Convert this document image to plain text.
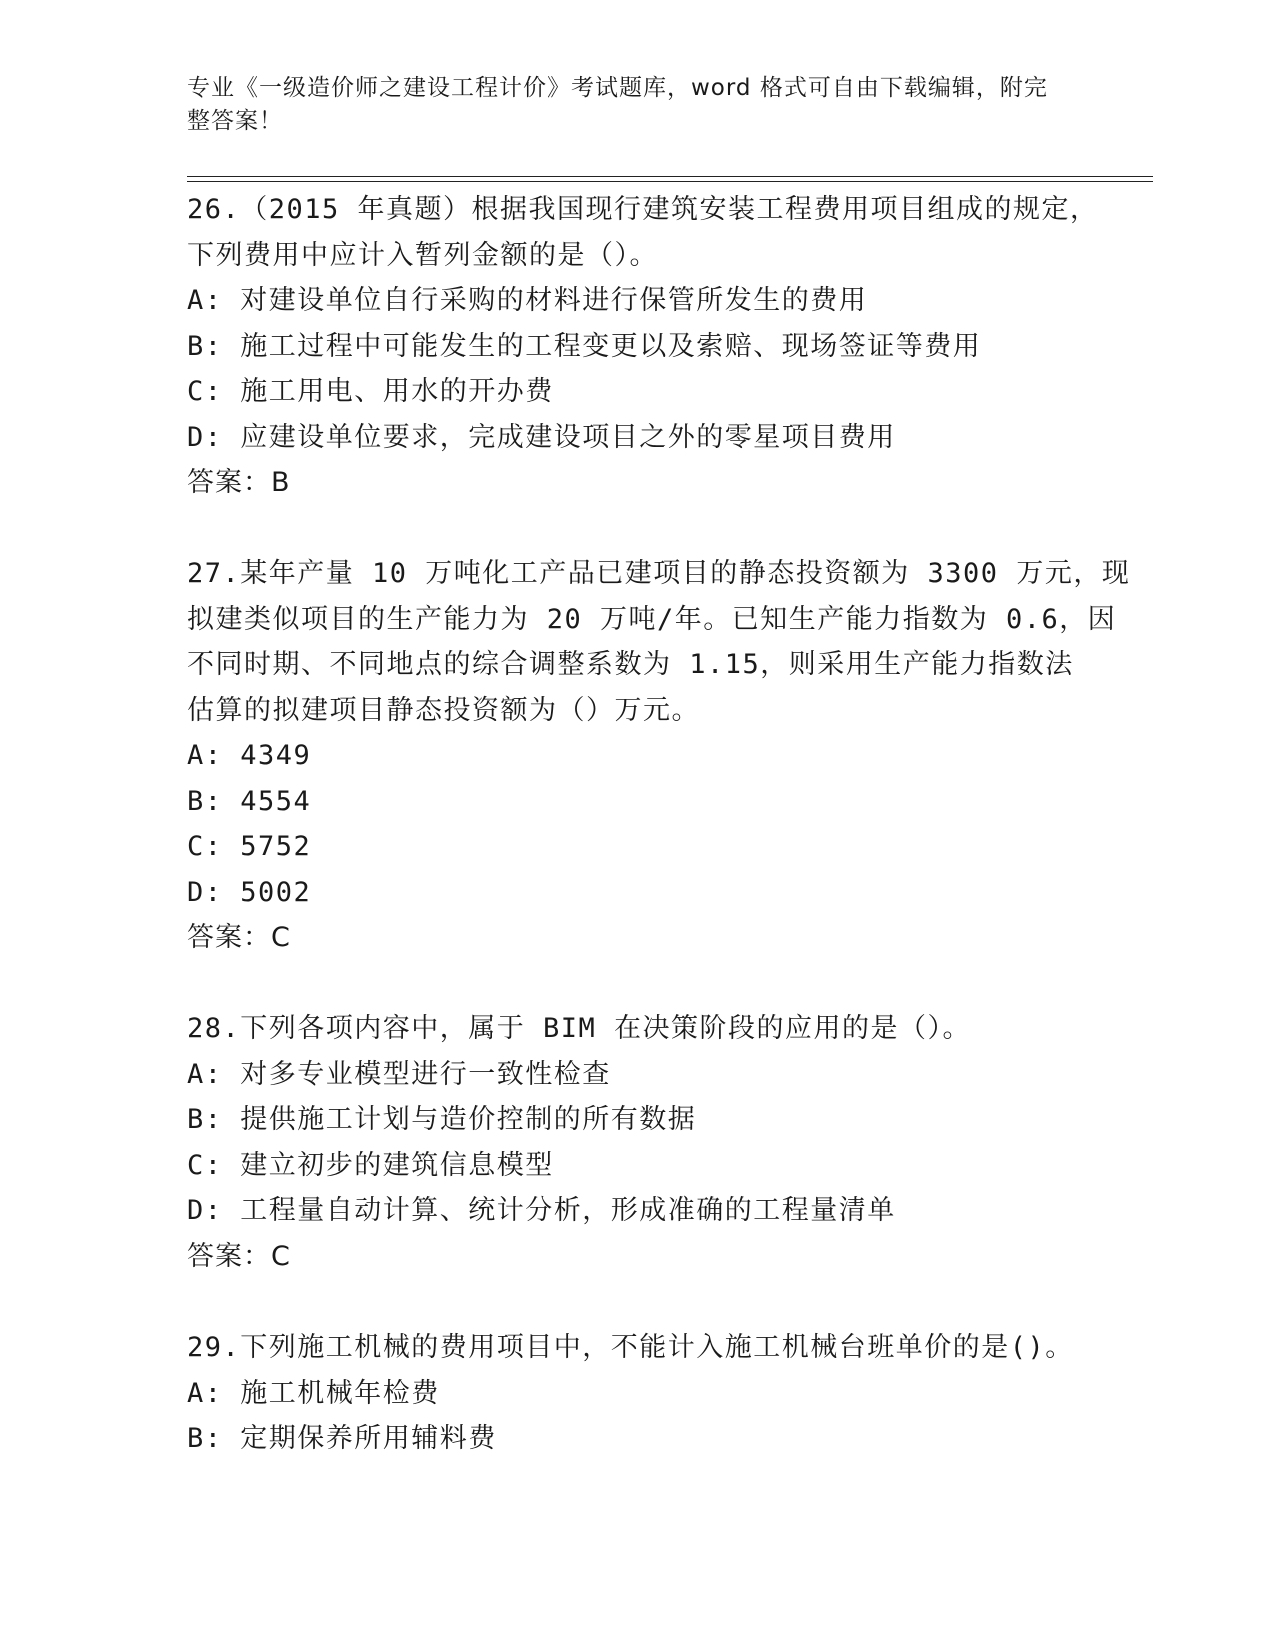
专业《一级造价师之建设工程计价》考试题库，word 格式可自由下载编辑，附完
整答案！
26.（2015 年真题）根据我国现行建筑安装工程费用项目组成的规定，
下列费用中应计入暂列金额的是（）。
A: 对建设单位自行采购的材料进行保管所发生的费用
B: 施工过程中可能发生的工程变更以及索赔、现场签证等费用
C: 施工用电、用水的开办费
D: 应建设单位要求，完成建设项目之外的零星项目费用
答案：B
27.某年产量 10 万吨化工产品已建项目的静态投资额为 3300 万元，现
拟建类似项目的生产能力为 20 万吨/年。已知生产能力指数为 0.6，因
不同时期、不同地点的综合调整系数为 1.15，则采用生产能力指数法
估算的拟建项目静态投资额为（）万元。
A: 4349
B: 4554
C: 5752
D: 5002
答案：C
28.下列各项内容中，属于 BIM 在决策阶段的应用的是（）。
A: 对多专业模型进行一致性检查
B: 提供施工计划与造价控制的所有数据
C: 建立初步的建筑信息模型
D: 工程量自动计算、统计分析，形成准确的工程量清单
答案：C
29.下列施工机械的费用项目中，不能计入施工机械台班单价的是()。
A: 施工机械年检费
B: 定期保养所用辅料费
